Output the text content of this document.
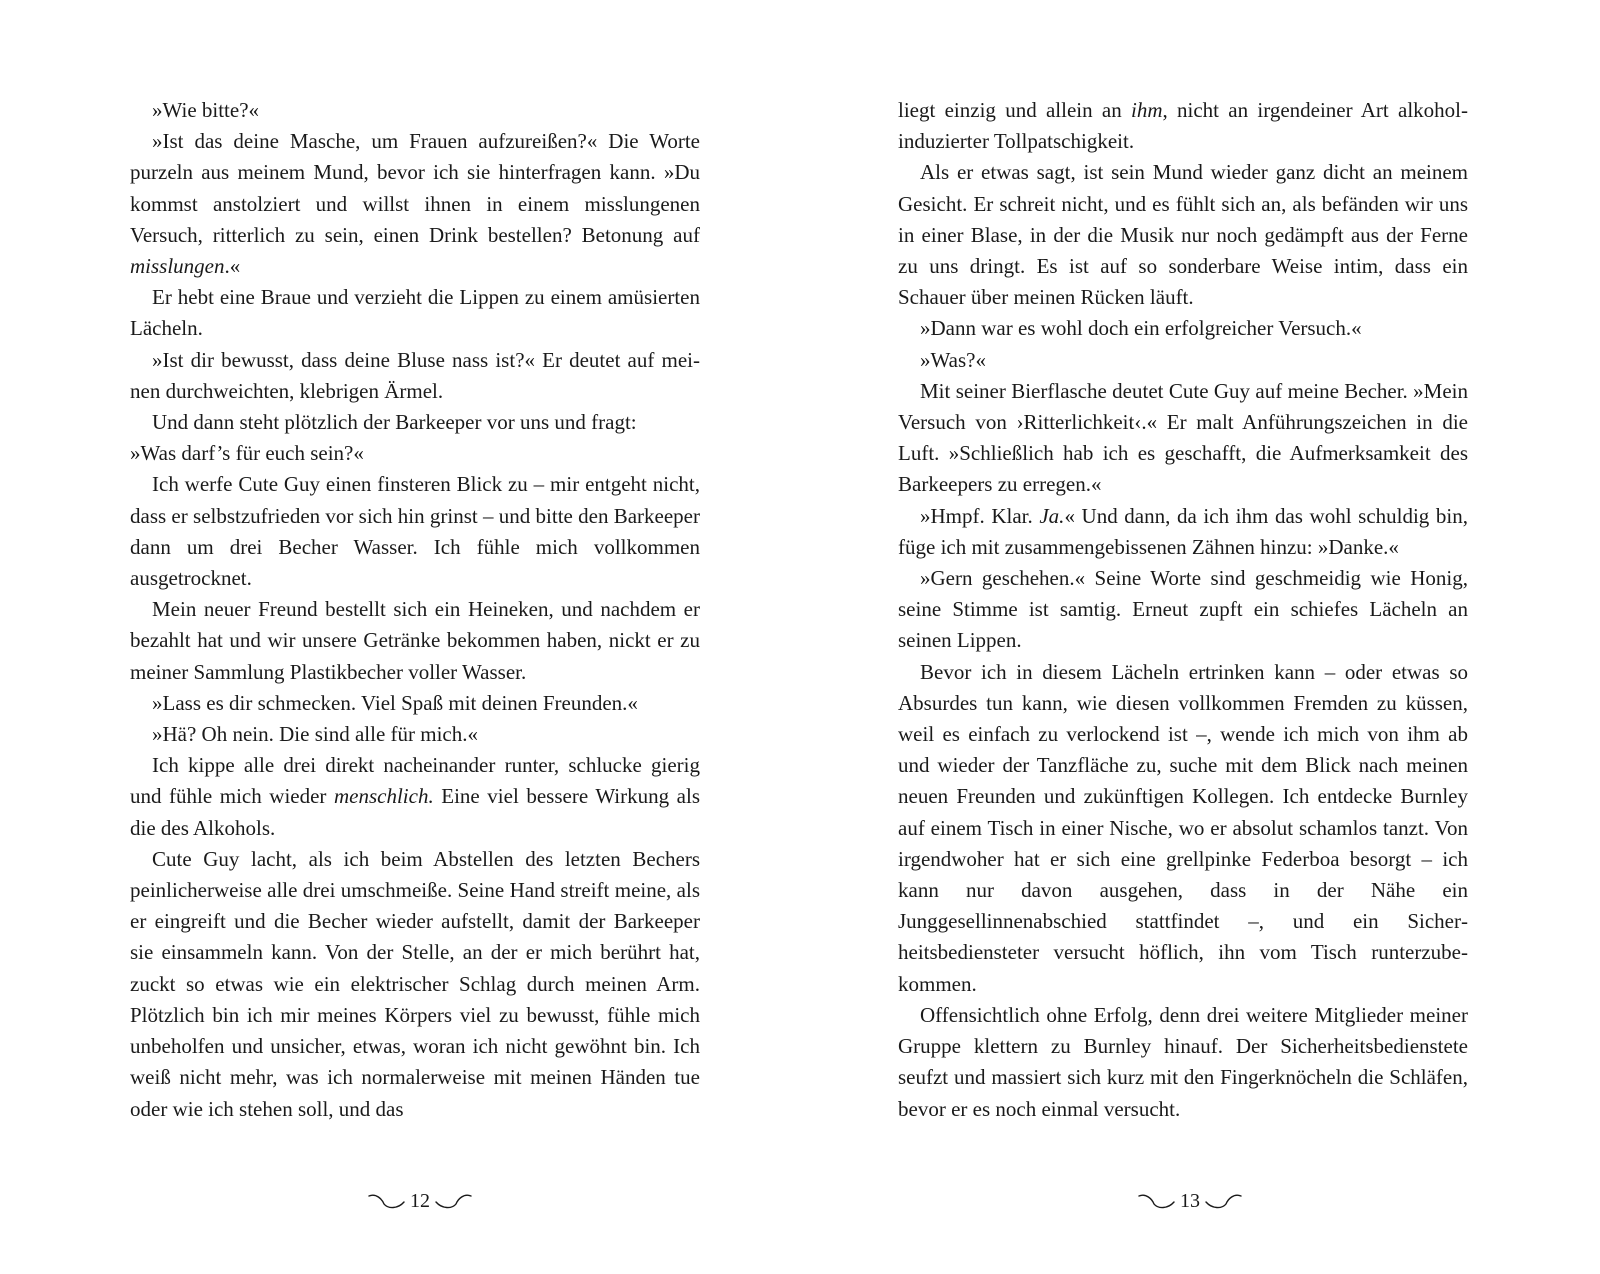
»Wie bitte?«

»Ist das deine Masche, um Frauen aufzureißen?« Die Worte purzeln aus meinem Mund, bevor ich sie hinterfragen kann. »Du kommst anstolziert und willst ihnen in einem misslungenen Versuch, ritterlich zu sein, einen Drink bestellen? Betonung auf misslungen.«

Er hebt eine Braue und verzieht die Lippen zu einem amüsierten Lächeln.

»Ist dir bewusst, dass deine Bluse nass ist?« Er deutet auf meinen durchweichten, klebrigen Ärmel.

Und dann steht plötzlich der Barkeeper vor uns und fragt:

»Was darf’s für euch sein?«

Ich werfe Cute Guy einen finsteren Blick zu – mir entgeht nicht, dass er selbstzufrieden vor sich hin grinst – und bitte den Barkeeper dann um drei Becher Wasser. Ich fühle mich vollkommen ausgetrocknet.

Mein neuer Freund bestellt sich ein Heineken, und nachdem er bezahlt hat und wir unsere Getränke bekommen haben, nickt er zu meiner Sammlung Plastikbecher voller Wasser.

»Lass es dir schmecken. Viel Spaß mit deinen Freunden.«

»Hä? Oh nein. Die sind alle für mich.«

Ich kippe alle drei direkt nacheinander runter, schlucke gierig und fühle mich wieder menschlich. Eine viel bessere Wirkung als die des Alkohols.

Cute Guy lacht, als ich beim Abstellen des letzten Bechers peinlicherweise alle drei umschmeiße. Seine Hand streift meine, als er eingreift und die Becher wieder aufstellt, damit der Barkeeper sie einsammeln kann. Von der Stelle, an der er mich berührt hat, zuckt so etwas wie ein elektrischer Schlag durch meinen Arm. Plötzlich bin ich mir meines Körpers viel zu bewusst, fühle mich unbeholfen und unsicher, etwas, woran ich nicht gewöhnt bin. Ich weiß nicht mehr, was ich normalerweise mit meinen Händen tue oder wie ich stehen soll, und das

12

liegt einzig und allein an ihm, nicht an irgendeiner Art alkoholinduzierter Tollpatschigkeit.

Als er etwas sagt, ist sein Mund wieder ganz dicht an meinem Gesicht. Er schreit nicht, und es fühlt sich an, als befänden wir uns in einer Blase, in der die Musik nur noch gedämpft aus der Ferne zu uns dringt. Es ist auf so sonderbare Weise intim, dass ein Schauer über meinen Rücken läuft.

»Dann war es wohl doch ein erfolgreicher Versuch.«

»Was?«

Mit seiner Bierflasche deutet Cute Guy auf meine Becher. »Mein Versuch von ›Ritterlichkeit‹.« Er malt Anführungszeichen in die Luft. »Schließlich hab ich es geschafft, die Aufmerksamkeit des Barkeepers zu erregen.«

»Hmpf. Klar. Ja.« Und dann, da ich ihm das wohl schuldig bin, füge ich mit zusammengebissenen Zähnen hinzu: »Danke.«

»Gern geschehen.« Seine Worte sind geschmeidig wie Honig, seine Stimme ist samtig. Erneut zupft ein schiefes Lächeln an seinen Lippen.

Bevor ich in diesem Lächeln ertrinken kann – oder etwas so Absurdes tun kann, wie diesen vollkommen Fremden zu küssen, weil es einfach zu verlockend ist –, wende ich mich von ihm ab und wieder der Tanzfläche zu, suche mit dem Blick nach meinen neuen Freunden und zukünftigen Kollegen. Ich entdecke Burnley auf einem Tisch in einer Nische, wo er absolut schamlos tanzt. Von irgendwoher hat er sich eine grellpinke Federboa besorgt – ich kann nur davon ausgehen, dass in der Nähe ein Junggesellinnenabschied stattfindet –, und ein Sicherheitsbediensteter versucht höflich, ihn vom Tisch runterzubekommen.

Offensichtlich ohne Erfolg, denn drei weitere Mitglieder meiner Gruppe klettern zu Burnley hinauf. Der Sicherheitsbedienstete seufzt und massiert sich kurz mit den Fingerknöcheln die Schläfen, bevor er es noch einmal versucht.

13
